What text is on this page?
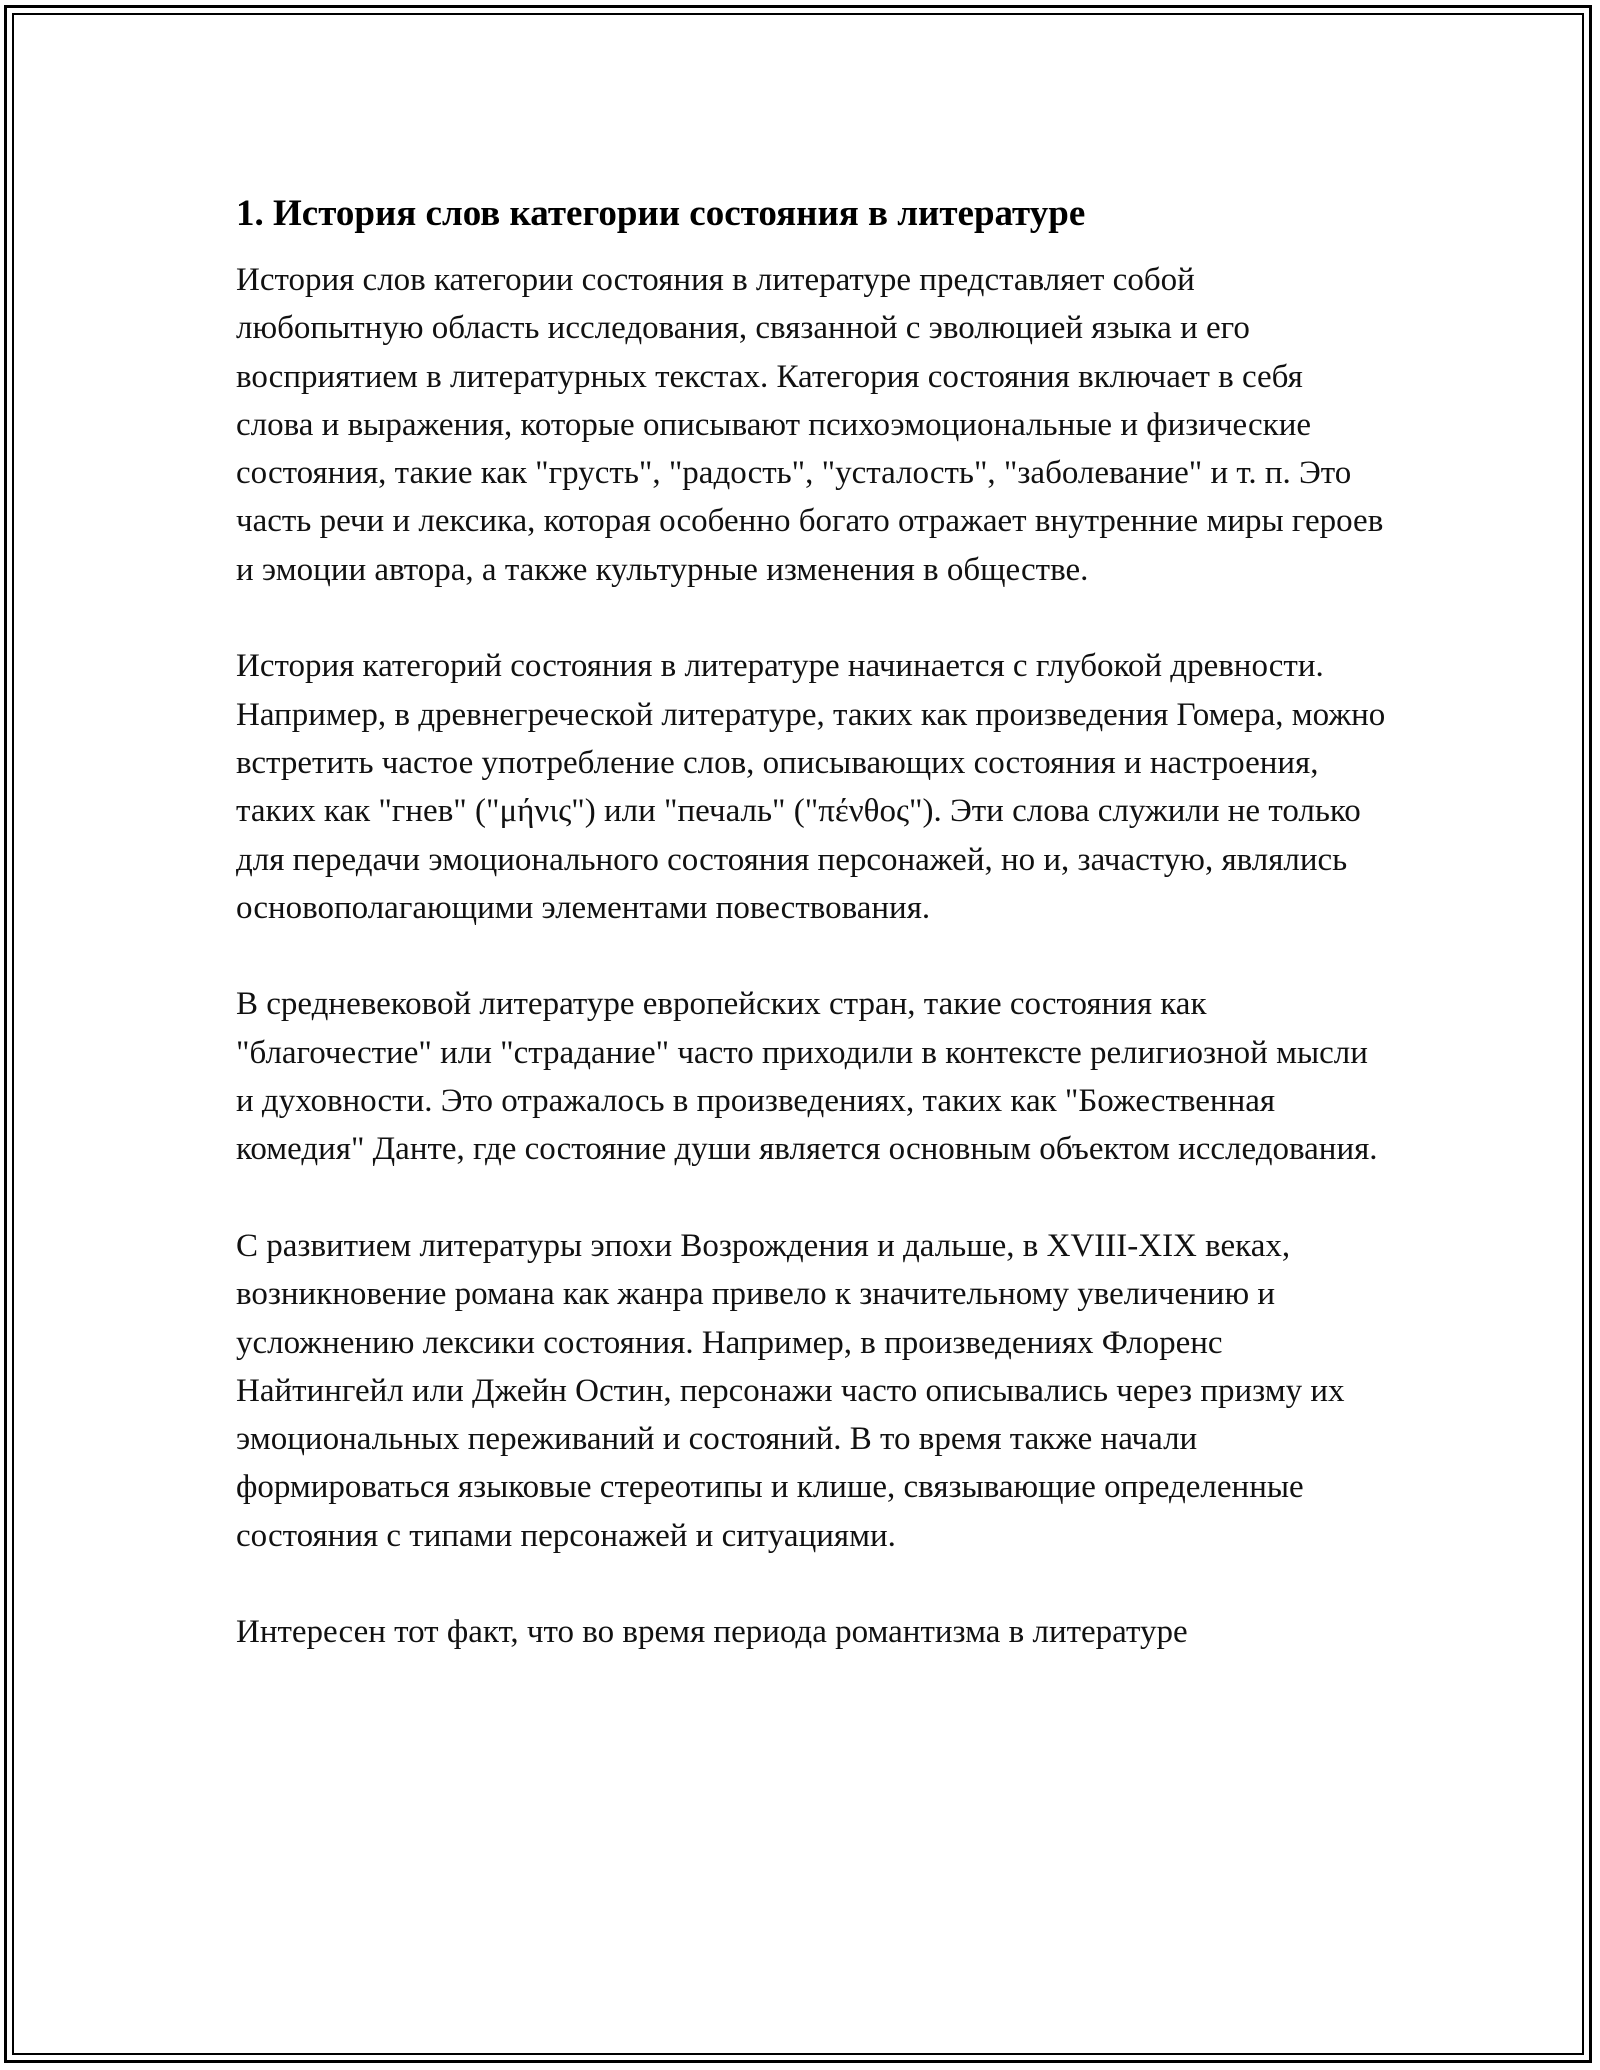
1. История слов категории состояния в литературе

История слов категории состояния в литературе представляет собой любопытную область исследования, связанной с эволюцией языка и его восприятием в литературных текстах. Категория состояния включает в себя слова и выражения, которые описывают психоэмоциональные и физические состояния, такие как "грусть", "радость", "усталость", "заболевание" и т. п. Это часть речи и лексика, которая особенно богато отражает внутренние миры героев и эмоции автора, а также культурные изменения в обществе.

История категорий состояния в литературе начинается с глубокой древности. Например, в древнегреческой литературе, таких как произведения Гомера, можно встретить частое употребление слов, описывающих состояния и настроения, таких как "гнев" ("μήνις") или "печаль" ("πένθος"). Эти слова служили не только для передачи эмоционального состояния персонажей, но и, зачастую, являлись основополагающими элементами повествования.

В средневековой литературе европейских стран, такие состояния как "благочестие" или "страдание" часто приходили в контексте религиозной мысли и духовности. Это отражалось в произведениях, таких как "Божественная комедия" Данте, где состояние души является основным объектом исследования.

С развитием литературы эпохи Возрождения и дальше, в XVIII-XIX веках, возникновение романа как жанра привело к значительному увеличению и усложнению лексики состояния. Например, в произведениях Флоренс Найтингейл или Джейн Остин, персонажи часто описывались через призму их эмоциональных переживаний и состояний. В то время также начали формироваться языковые стереотипы и клише, связывающие определенные состояния с типами персонажей и ситуациями.

Интересен тот факт, что во время периода романтизма в литературе
